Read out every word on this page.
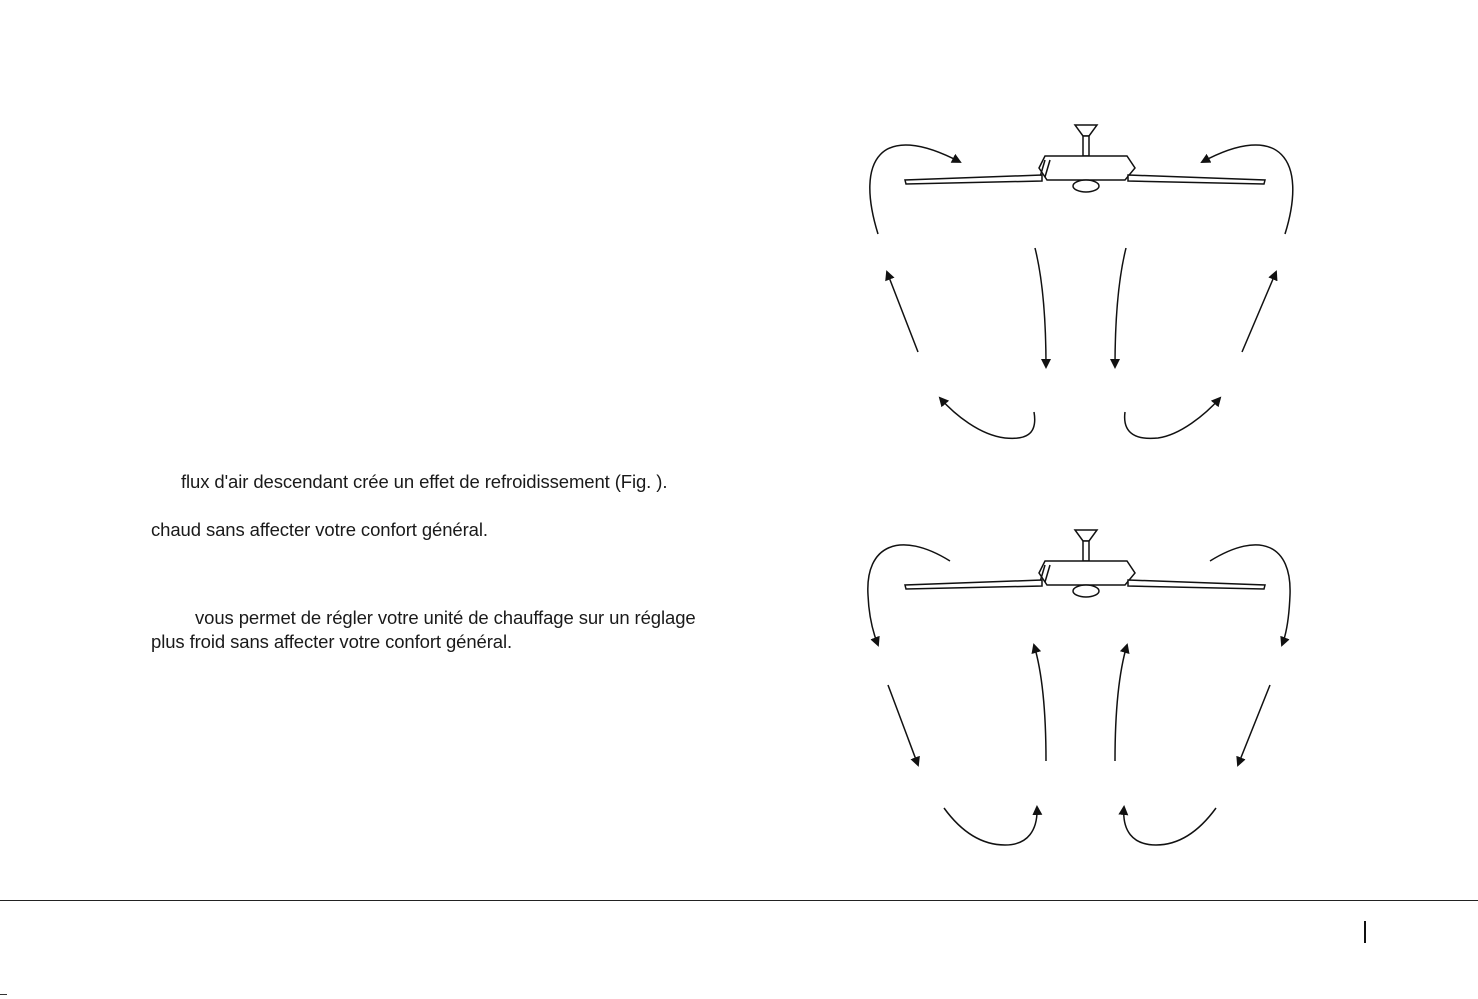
flux d'air descendant crée un effet de refroidissement (Fig. ).
chaud sans affecter votre confort général.
vous permet de régler votre unité de chauffage sur un réglage
plus froid sans affecter votre confort général.
